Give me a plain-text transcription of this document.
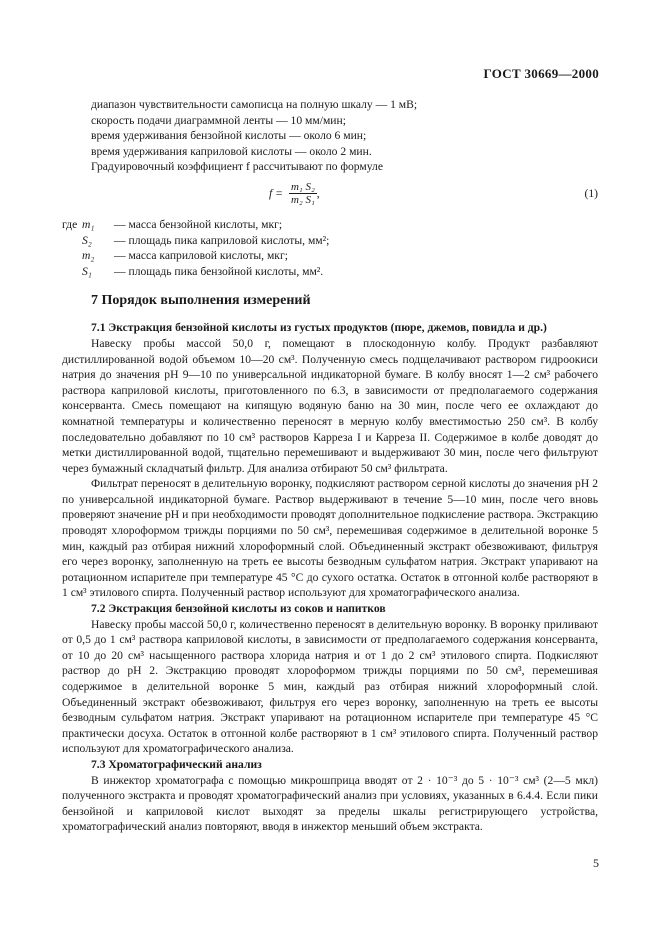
ГОСТ 30669—2000
диапазон чувствительности самописца на полную шкалу — 1 мВ;
скорость подачи диаграммной ленты — 10 мм/мин;
время удерживания бензойной кислоты — около 6 мин;
время удерживания каприловой кислоты — около 2 мин.
Градуировочный коэффициент f рассчитывают по формуле
$f = \frac{\text{m₁ S₂}}{\text{m₂ S₁}}$ ,	(1)
где m₁	— масса бензойной кислоты, мкг;
S₂	— площадь пика каприловой кислоты, мм²;
m₂	— масса каприловой кислоты, мкг;
S₁	— площадь пика бензойной кислоты, мм².
7 Порядок выполнения измерений
7.1 Экстракция бензойной кислоты из густых продуктов (пюре, джемов, повидла и др.)

Навеску пробы массой 50,0 г, помещают в плоскодонную колбу. Продукт разбавляют дистиллированной водой объемом 10—20 см³. Полученную смесь подщелачивают раствором гидроокиси натрия до значения pH 9—10 по универсальной индикаторной бумаге. В колбу вносят 1—2 см³ рабочего раствора каприловой кислоты, приготовленного по 6.3, в зависимости от предполагаемого содержания консерванта. Смесь помещают на кипящую водяную баню на 30 мин, после чего ее охлаждают до комнатной температуры и количественно переносят в мерную колбу вместимостью 250 см³. В колбу последовательно добавляют по 10 см³ растворов Карреза I и Карреза II. Содержимое в колбе доводят до метки дистиллированной водой, тщательно перемешивают и выдерживают 30 мин, после чего фильтруют через бумажный складчатый фильтр. Для анализа отбирают 50 см³ фильтрата.

Фильтрат переносят в делительную воронку, подкисляют раствором серной кислоты до значения pH 2 по универсальной индикаторной бумаге. Раствор выдерживают в течение 5—10 мин, после чего вновь проверяют значение pH и при необходимости проводят дополнительное подкисление раствора. Экстракцию проводят хлороформом трижды порциями по 50 см³, перемешивая содержимое в делительной воронке 5 мин, каждый раз отбирая нижний хлороформный слой. Объединенный экстракт обезвоживают, фильтруя его через воронку, заполненную на треть ее высоты безводным сульфатом натрия. Экстракт упаривают на ротационном испарителе при температуре 45 °С до сухого остатка. Остаток в отгонной колбе растворяют в 1 см³ этилового спирта. Полученный раствор используют для хроматографического анализа.

7.2 Экстракция бензойной кислоты из соков и напитков

Навеску пробы массой 50,0 г, количественно переносят в делительную воронку. В воронку приливают от 0,5 до 1 см³ раствора каприловой кислоты, в зависимости от предполагаемого содержания консерванта, от 10 до 20 см³ насыщенного раствора хлорида натрия и от 1 до 2 см³ этилового спирта. Подкисляют раствор до pH 2. Экстракцию проводят хлороформом трижды порциями по 50 см³, перемешивая содержимое в делительной воронке 5 мин, каждый раз отбирая нижний хлороформный слой. Объединенный экстракт обезвоживают, фильтруя его через воронку, заполненную на треть ее высоты безводным сульфатом натрия. Экстракт упаривают на ротационном испарителе при температуре 45 °С практически досуха. Остаток в отгонной колбе растворяют в 1 см³ этилового спирта. Полученный раствор используют для хроматографического анализа.

7.3 Хроматографический анализ

В инжектор хроматографа с помощью микрошприца вводят от 2 · 10⁻³ до 5 · 10⁻³ см³ (2—5 мкл) полученного экстракта и проводят хроматографический анализ при условиях, указанных в 6.4.4. Если пики бензойной и каприловой кислот выходят за пределы шкалы регистрирующего устройства, хроматографический анализ повторяют, вводя в инжектор меньший объем экстракта.

5
